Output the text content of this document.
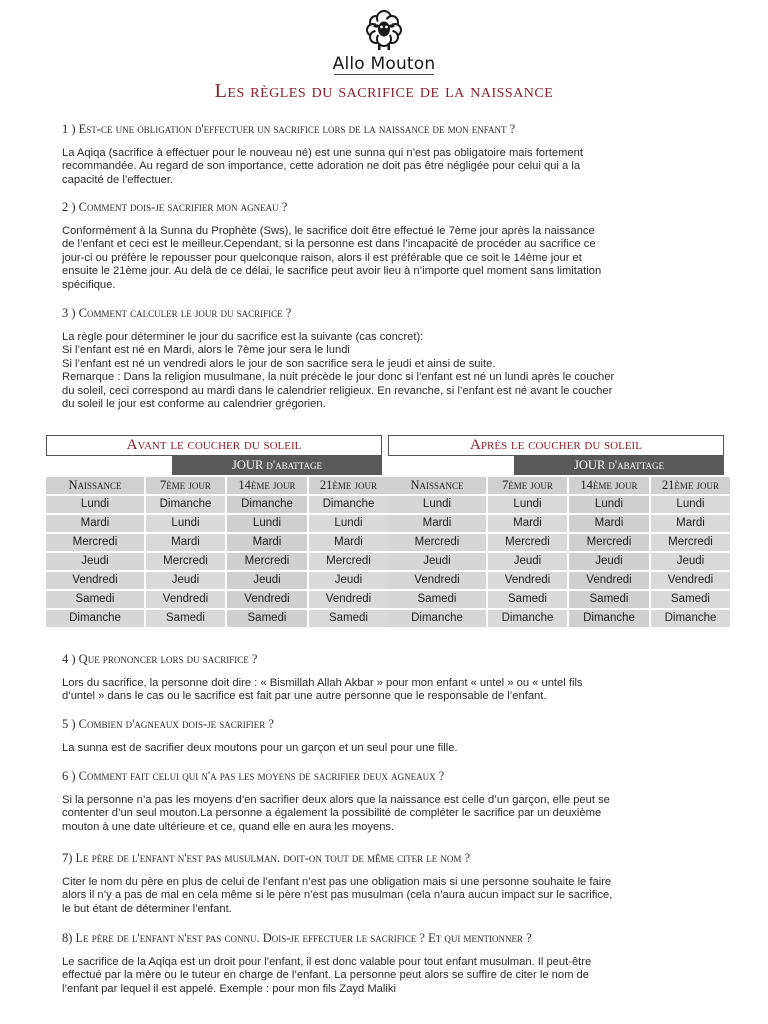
Allo Mouton
Les règles du sacrifice de la naissance
1 ) Est-ce une obligation d'effectuer un sacrifice lors de la naissance de mon enfant ?
La Aqiqa (sacrifice à effectuer pour le nouveau né) est une sunna qui n’est pas obligatoire mais fortement
recommandée. Au regard de son importance, cette adoration ne doit pas être négligée pour celui qui a la
capacité de l’effectuer.
2 ) Comment dois-je sacrifier mon agneau ?
Conformément à la Sunna du Prophète (Sws), le sacrifice doit être effectué le 7ème jour après la naissance
de l’enfant et ceci est le meilleur.Cependant, si la personne est dans l’incapacité de procéder au sacrifice ce
jour-ci ou préfère le repousser pour quelconque raison, alors il est préférable que ce soit le 14ème jour et
ensuite le 21ème jour. Au delà de ce délai, le sacrifice peut avoir lieu à n’importe quel moment sans limitation
spécifique.
3 ) Comment calculer le jour du sacrifice ?
La règle pour déterminer le jour du sacrifice est la suivante (cas concret):
Si l’enfant est né en Mardi, alors le 7ème jour sera le lundi
Si l’enfant est né un vendredi alors le jour de son sacrifice sera le jeudi et ainsi de suite.
Remarque : Dans la religion musulmane, la nuit précède le jour donc si l’enfant est né un lundi après le coucher
du soleil, ceci correspond au mardi dans le calendrier religieux. En revanche, si l’enfant est né avant le coucher
du soleil le jour est conforme au calendrier grégorien.
Avant le coucher du soleil
JOUR d'abattage
Naissance	7ème jour	14ème jour	21ème jour
Lundi	Dimanche	Dimanche	Dimanche
Mardi	Lundi	Lundi	Lundi
Mercredi	Mardi	Mardi	Mardi
Jeudi	Mercredi	Mercredi	Mercredi
Vendredi	Jeudi	Jeudi	Jeudi
Samedi	Vendredi	Vendredi	Vendredi
Dimanche	Samedi	Samedi	Samedi
Après le coucher du soleil
JOUR d'abattage
Naissance	7ème jour	14ème jour	21ème jour
Lundi	Lundi	Lundi	Lundi
Mardi	Mardi	Mardi	Mardi
Mercredi	Mercredi	Mercredi	Mercredi
Jeudi	Jeudi	Jeudi	Jeudi
Vendredi	Vendredi	Vendredi	Vendredi
Samedi	Samedi	Samedi	Samedi
Dimanche	Dimanche	Dimanche	Dimanche
4 ) Que prononcer lors du sacrifice ?
Lors du sacrifice, la personne doit dire : « Bismillah Allah Akbar » pour mon enfant « untel » ou « untel fils
d’untel » dans le cas ou le sacrifice est fait par une autre personne que le responsable de l’enfant.
5 ) Combien d'agneaux dois-je sacrifier ?
La sunna est de sacrifier deux moutons pour un garçon et un seul pour une fille.
6 ) Comment fait celui qui n'a pas les moyens de sacrifier deux agneaux ?
Si la personne n’a pas les moyens d’en sacrifier deux alors que la naissance est celle d’un garçon, elle peut se
contenter d’un seul mouton.La personne a également la possibilité de compléter le sacrifice par un deuxième
mouton à une date ultérieure et ce, quand elle en aura les moyens.
7) Le père de l'enfant n'est pas musulman. doit-on tout de même citer le nom ?
Citer le nom du père en plus de celui de l’enfant n’est pas une obligation mais si une personne souhaite le faire
alors il n’y a pas de mal en cela même si le père n’est pas musulman (cela n’aura aucun impact sur le sacrifice,
le but étant de déterminer l’enfant.
8) Le père de l'enfant n'est pas connu. Dois-je effectuer le sacrifice ? Et qui mentionner ?
Le sacrifice de la Aqiqa est un droit pour l’enfant, il est donc valable pour tout enfant musulman. Il peut-être
effectué par la mère ou le tuteur en charge de l’enfant. La personne peut alors se suffire de citer le nom de
l’enfant par lequel il est appelé. Exemple : pour mon fils Zayd Maliki
